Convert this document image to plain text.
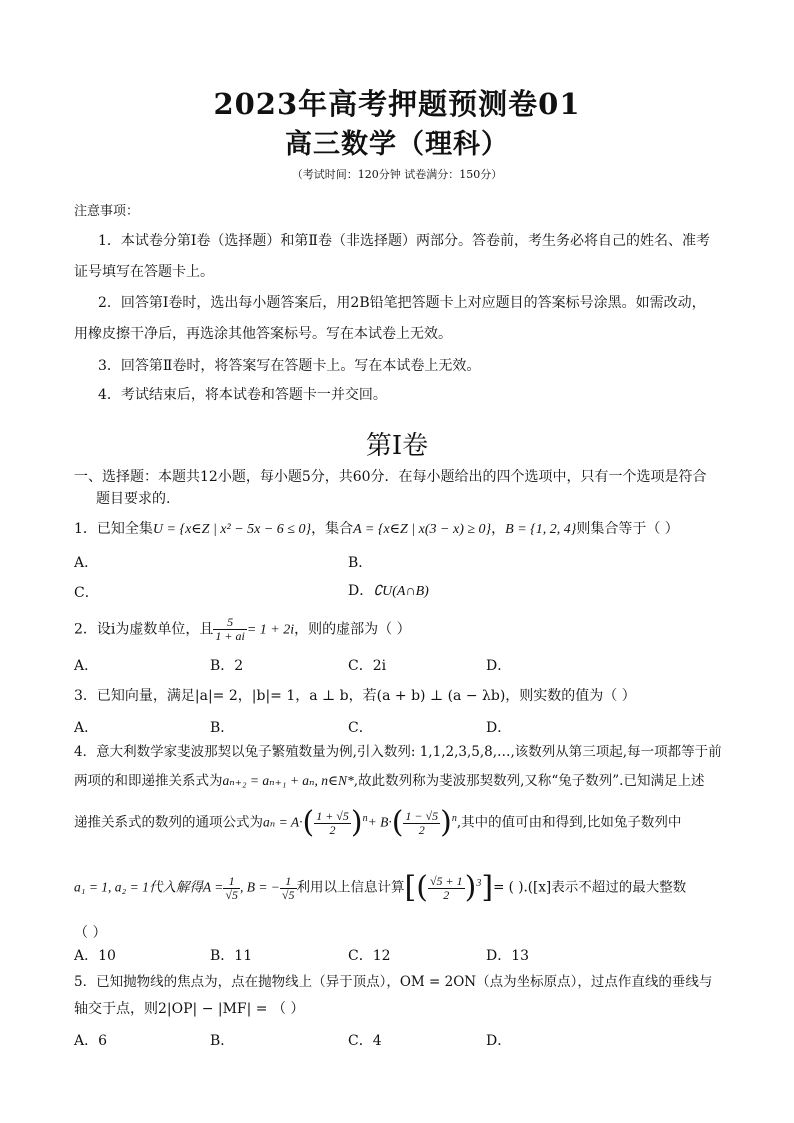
2023年高考押题预测卷01
高三数学（理科）
（考试时间：120分钟 试卷满分：150分）
注意事项：
1．本试卷分第Ⅰ卷（选择题）和第Ⅱ卷（非选择题）两部分。答卷前，考生务必将自己的姓名、准考
证号填写在答题卡上。
2．回答第Ⅰ卷时，选出每小题答案后，用2B铅笔把答题卡上对应题目的答案标号涂黑。如需改动，
用橡皮擦干净后，再选涂其他答案标号。写在本试卷上无效。
3．回答第Ⅱ卷时，将答案写在答题卡上。写在本试卷上无效。
4．考试结束后，将本试卷和答题卡一并交回。
第Ⅰ卷
一、选择题：本题共12小题，每小题5分，共60分．在每小题给出的四个选项中，只有一个选项是符合
题目要求的.
1．已知全集U = {x∈Z | x² − 5x − 6 ≤ 0}，集合A = {x∈Z | x(3 − x) ≥ 0}，B = {1, 2, 4}则集合等于（ ）
A．	B．
C．	D．∁U(A∩B)
2．设i为虚数单位，且 $\frac{5}{1 + ai} = 1 + 2i$，则的虚部为（ ）
A．	B．2	C．2i	D．
3．已知向量，满足|a|= 2，|b|= 1，a ⊥ b，若(a + b) ⊥ (a − λb)，则实数的值为（ ）
A．	B．	C．	D．
4．意大利数学家斐波那契以兔子繁殖数量为例,引入数列: 1,1,2,3,5,8,…,该数列从第三项起,每一项都等于前
两项的和即递推关系式为aₙ₊₂ = aₙ₊₁ + aₙ, n∈N*,故此数列称为斐波那契数列,又称“兔子数列”.已知满足上述
递推关系式的数列的通项公式为$a_n = A\cdot( \frac{1 + √5}{2} )^n+ B\cdot( \frac{1 - √5}{2} )^n$,其中的值可由和得到,比如兔子数列中
a₁ = 1, a₂ = 1代入解得$A = \frac{1}{√5}$ , B = − $\frac{1}{√5}$ 利用以上信息计算[( $\frac{√5 + 1}{2} )^3]=$ ( ).([x]表示不超过的最大整数
（ ）
A．10	B．11	C．12	D．13
5．已知抛物线的焦点为，点在抛物线上（异于顶点），OM = 2ON（点为坐标原点），过点作直线的垂线与
轴交于点，则2|OP| − |MF| = （ ）
A．6	B．	C．4	D．
